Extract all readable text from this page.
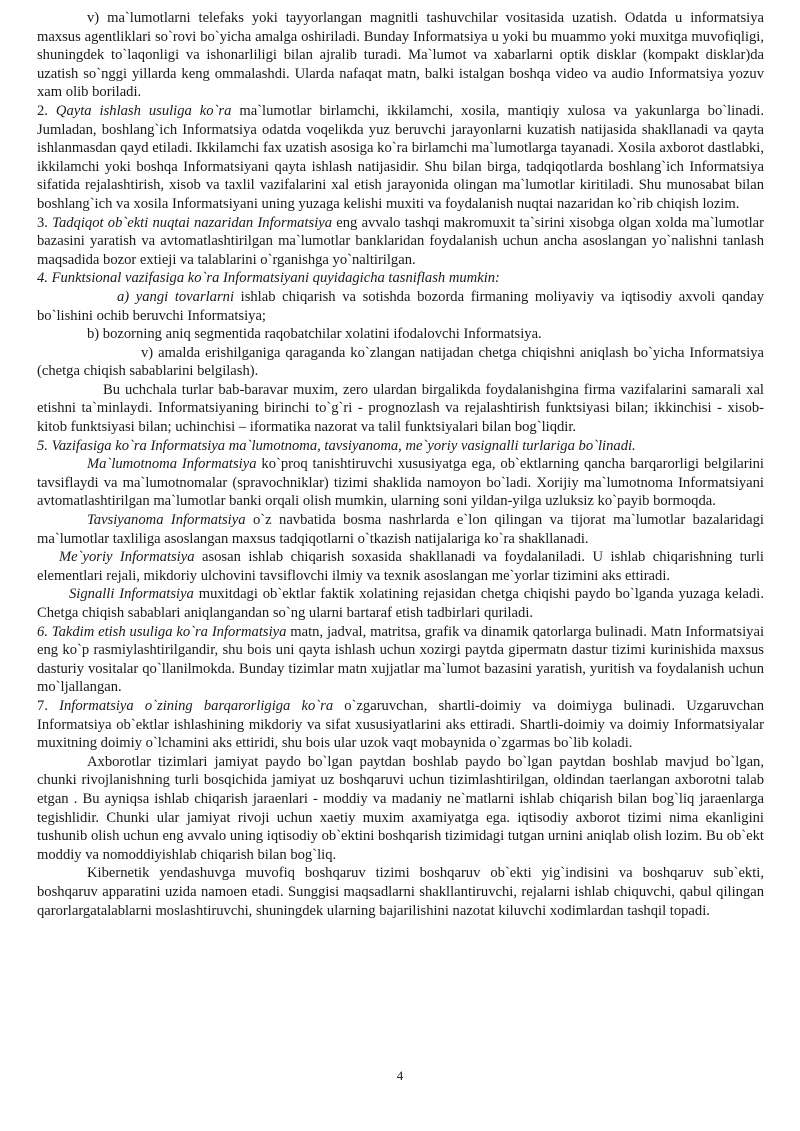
v) ma`lumotlarni telefaks yoki tayyorlangan magnitli tashuvchilar vositasida uzatish. Odatda u informatsiya maxsus agentliklari so`rovi bo`yicha amalga oshiriladi. Bunday Informatsiya u yoki bu muammo yoki muxitga muvofiqligi, shuningdek to`laqonligi va ishonarliligi bilan ajralib turadi. Ma`lumot va xabarlarni optik disklar (kompakt disklar)da uzatish so`nggi yillarda keng ommalashdi. Ularda nafaqat matn, balki istalgan boshqa video va audio Informatsiya yozuv xam olib boriladi.

2. Qayta ishlash usuliga ko`ra ma`lumotlar birlamchi, ikkilamchi, xosila, mantiqiy xulosa va yakunlarga bo`linadi. Jumladan, boshlang`ich Informatsiya odatda voqelikda yuz beruvchi jarayonlarni kuzatish natijasida shakllanadi va qayta ishlanmasdan qayd etiladi. Ikkilamchi fax uzatish asosiga ko`ra birlamchi ma`lumotlarga tayanadi. Xosila axborot dastlabki, ikkilamchi yoki boshqa Informatsiyani qayta ishlash natijasidir. Shu bilan birga, tadqiqotlarda boshlang`ich Informatsiya sifatida rejalashtirish, xisob va taxlil vazifalarini xal etish jarayonida olingan ma`lumotlar kiritiladi. Shu munosabat bilan boshlang`ich va xosila Informatsiyani uning yuzaga kelishi muxiti va foydalanish nuqtai nazaridan ko`rib chiqish lozim.

3. Tadqiqot ob`ekti nuqtai nazaridan Informatsiya eng avvalo tashqi makromuxit ta`sirini xisobga olgan xolda ma`lumotlar bazasini yaratish va avtomatlashtirilgan ma`lumotlar banklaridan foydalanish uchun ancha asoslangan yo`nalishni tanlash maqsadida bozor extieji va talablarini o`rganishga yo`naltirilgan.

4. Funktsional vazifasiga ko`ra Informatsiyani quyidagicha tasniflash mumkin:

a) yangi tovarlarni ishlab chiqarish va sotishda bozorda firmaning moliyaviy va iqtisodiy axvoli qanday bo`lishini ochib beruvchi Informatsiya;

b) bozorning aniq segmentida raqobatchilar xolatini ifodalovchi Informatsiya.

v) amalda erishilganiga qaraganda ko`zlangan natijadan chetga chiqishni aniqlash bo`yicha Informatsiya (chetga chiqish sabablarini belgilash).

Bu uchchala turlar bab-baravar muxim, zero ulardan birgalikda foydalanishgina firma vazifalarini samarali xal etishni ta`minlaydi. Informatsiyaning birinchi to`g`ri - prognozlash va rejalashtirish funktsiyasi bilan; ikkinchisi - xisob-kitob funktsiyasi bilan; uchinchisi – iformatika nazorat va talil funktsiyalari bilan bog`liqdir.

5. Vazifasiga ko`ra Informatsiya ma`lumotnoma, tavsiyanoma, me`yoriy vasignalli turlariga bo`linadi.

Ma`lumotnoma Informatsiya ko`proq tanishtiruvchi xususiyatga ega, ob`ektlarning qancha barqarorligi belgilarini tavsiflaydi va ma`lumotnomalar (spravochniklar) tizimi shaklida namoyon bo`ladi. Xorijiy ma`lumotnoma Informatsiyani avtomatlashtirilgan ma`lumotlar banki orqali olish mumkin, ularning soni yildan-yilga uzluksiz ko`payib bormoqda.

Tavsiyanoma Informatsiya o`z navbatida bosma nashrlarda e`lon qilingan va tijorat ma`lumotlar bazalaridagi ma`lumotlar taxliliga asoslangan maxsus tadqiqotlarni o`tkazish natijalariga ko`ra shakllanadi.

Me`yoriy Informatsiya asosan ishlab chiqarish soxasida shakllanadi va foydalaniladi. U ishlab chiqarishning turli elementlari rejali, mikdoriy ulchovini tavsiflovchi ilmiy va texnik asoslangan me`yorlar tizimini aks ettiradi.

Signalli Informatsiya muxitdagi ob`ektlar faktik xolatining rejasidan chetga chiqishi paydo bo`lganda yuzaga keladi. Chetga chiqish sabablari aniqlangandan so`ng ularni bartaraf etish tadbirlari quriladi.

6. Takdim etish usuliga ko`ra Informatsiya matn, jadval, matritsa, grafik va dinamik qatorlarga bulinadi. Matn Informatsiyai eng ko`p rasmiylashtirilgandir, shu bois uni qayta ishlash uchun xozirgi paytda gipermatn dastur tizimi kurinishida maxsus dasturiy vositalar qo`llanilmokda. Bunday tizimlar matn xujjatlar ma`lumot bazasini yaratish, yuritish va foydalanish uchun mo`ljallangan.

7. Informatsiya o`zining barqarorligiga ko`ra o`zgaruvchan, shartli-doimiy va doimiyga bulinadi. Uzgaruvchan Informatsiya ob`ektlar ishlashining mikdoriy va sifat xususiyatlarini aks ettiradi. Shartli-doimiy va doimiy Informatsiyalar muxitning doimiy o`lchamini aks ettiridi, shu bois ular uzok vaqt mobaynida o`zgarmas bo`lib koladi.

Axborotlar tizimlari jamiyat paydo bo`lgan paytdan boshlab paydo bo`lgan paytdan boshlab mavjud bo`lgan, chunki rivojlanishning turli bosqichida jamiyat uz boshqaruvi uchun tizimlashtirilgan, oldindan taerlangan axborotni talab etgan . Bu ayniqsa ishlab chiqarish jaraenlari - moddiy va madaniy ne`matlarni ishlab chiqarish bilan bog`liq jaraenlarga tegishlidir. Chunki ular jamiyat rivoji uchun xaetiy muxim axamiyatga ega. iqtisodiy axborot tizimi nima ekanligini tushunib olish uchun eng avvalo uning iqtisodiy ob`ektini boshqarish tizimidagi tutgan urnini aniqlab olish lozim. Bu ob`ekt moddiy va nomoddiyishlab chiqarish bilan bog`liq.

Kibernetik yendashuvga muvofiq boshqaruv tizimi boshqaruv ob`ekti yig`indisini va boshqaruv sub`ekti, boshqaruv apparatini uzida namoen etadi. Sunggisi maqsadlarni shakllantiruvchi, rejalarni ishlab chiquvchi, qabul qilingan qarorlargatalablarni moslashtiruvchi, shuningdek ularning bajarilishini nazotat kiluvchi xodimlardan tashqil topadi.

4
